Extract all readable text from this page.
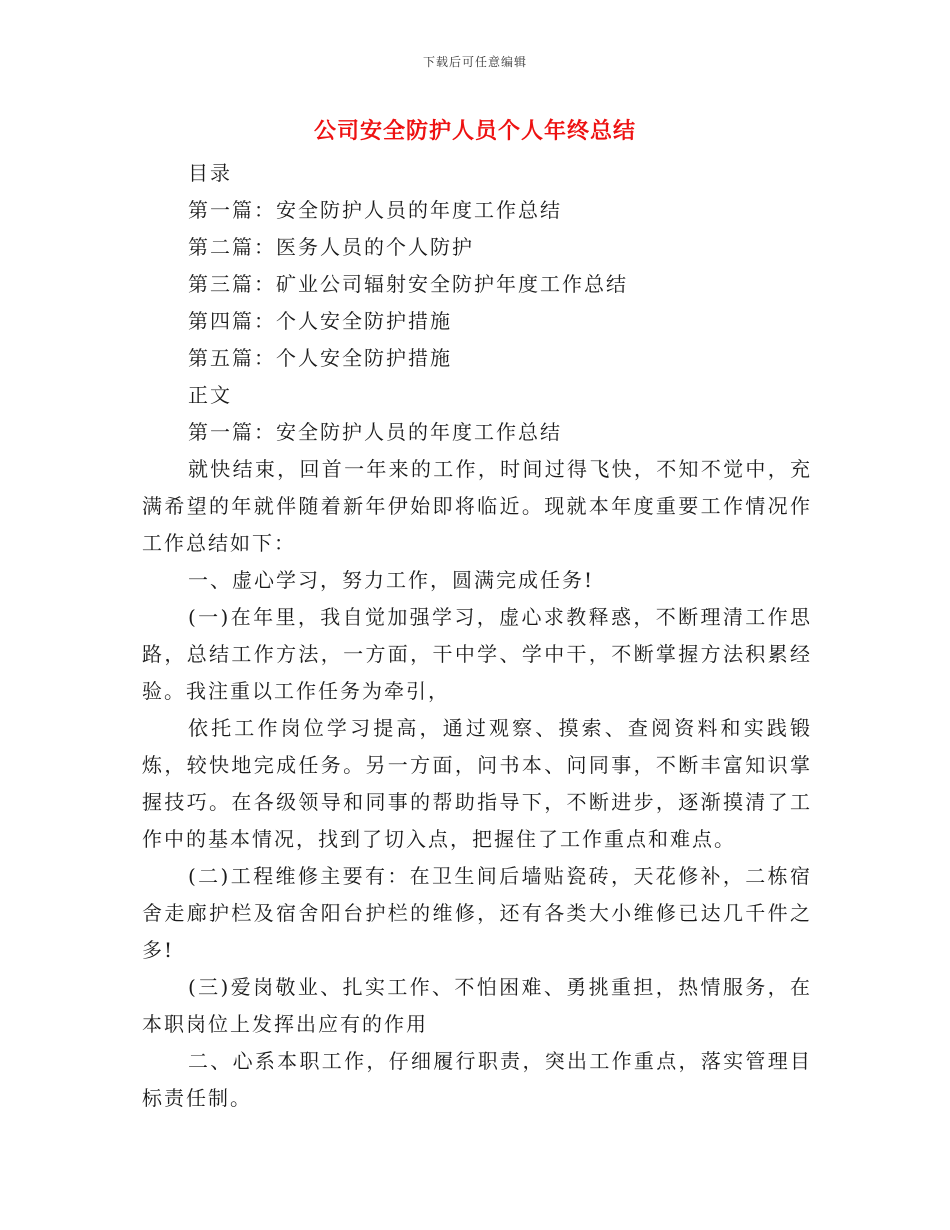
下载后可任意编辑
公司安全防护人员个人年终总结

目录

第一篇：安全防护人员的年度工作总结

第二篇：医务人员的个人防护

第三篇：矿业公司辐射安全防护年度工作总结

第四篇：个人安全防护措施

第五篇：个人安全防护措施

正文

第一篇：安全防护人员的年度工作总结

就快结束，回首一年来的工作，时间过得飞快，不知不觉中，充满希望的年就伴随着新年伊始即将临近。现就本年度重要工作情况作工作总结如下：

一、虚心学习，努力工作，圆满完成任务!

(一)在年里，我自觉加强学习，虚心求教释惑，不断理清工作思路，总结工作方法，一方面，干中学、学中干，不断掌握方法积累经验。我注重以工作任务为牵引，

依托工作岗位学习提高，通过观察、摸索、查阅资料和实践锻炼，较快地完成任务。另一方面，问书本、问同事，不断丰富知识掌握技巧。在各级领导和同事的帮助指导下，不断进步，逐渐摸清了工作中的基本情况，找到了切入点，把握住了工作重点和难点。

(二)工程维修主要有：在卫生间后墙贴瓷砖，天花修补，二栋宿舍走廊护栏及宿舍阳台护栏的维修，还有各类大小维修已达几千件之多!

(三)爱岗敬业、扎实工作、不怕困难、勇挑重担，热情服务，在本职岗位上发挥出应有的作用

二、心系本职工作，仔细履行职责，突出工作重点，落实管理目标责任制。
